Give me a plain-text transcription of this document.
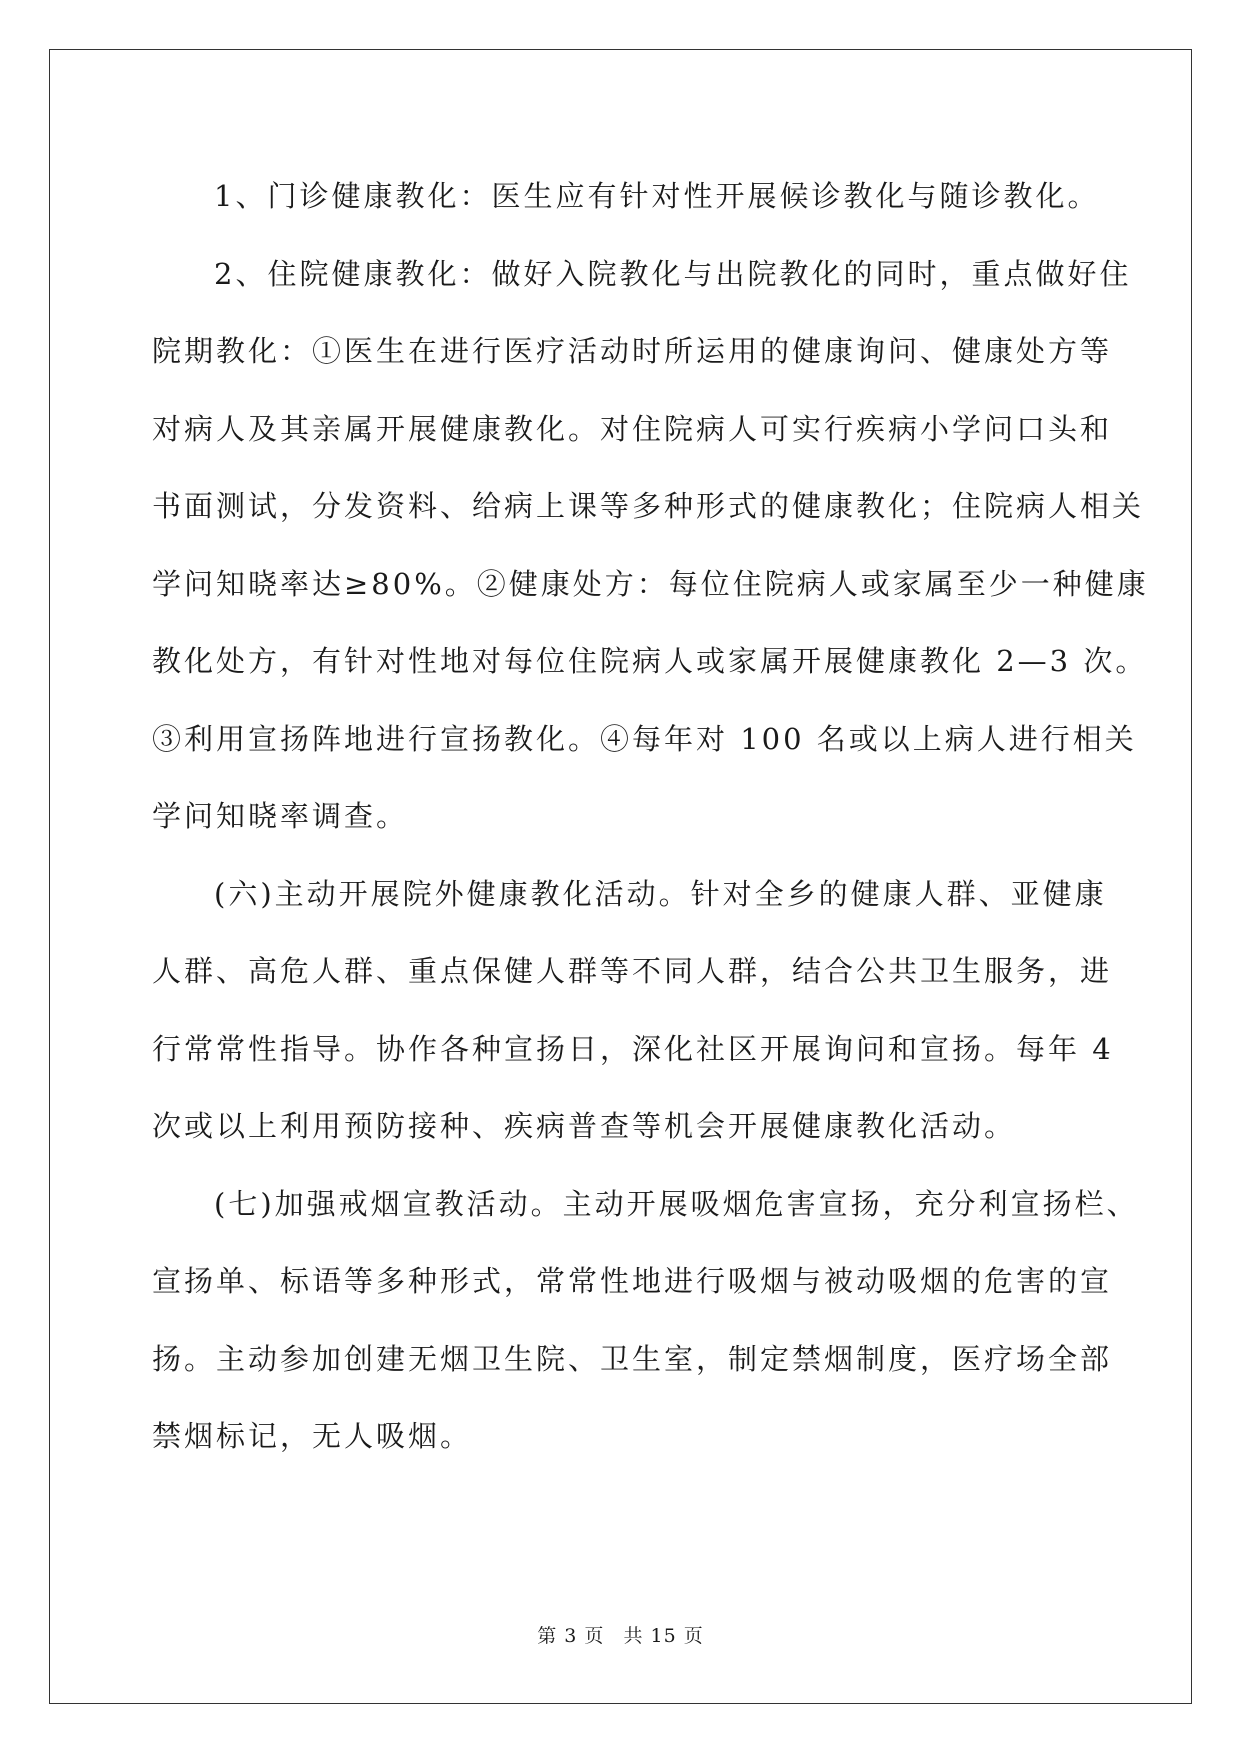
1、门诊健康教化：医生应有针对性开展候诊教化与随诊教化。
2、住院健康教化：做好入院教化与出院教化的同时，重点做好住
院期教化：①医生在进行医疗活动时所运用的健康询问、健康处方等
对病人及其亲属开展健康教化。对住院病人可实行疾病小学问口头和
书面测试，分发资料、给病上课等多种形式的健康教化；住院病人相关
学问知晓率达≥80%。②健康处方：每位住院病人或家属至少一种健康
教化处方，有针对性地对每位住院病人或家属开展健康教化 2—3 次。
③利用宣扬阵地进行宣扬教化。④每年对 100 名或以上病人进行相关
学问知晓率调查。
(六)主动开展院外健康教化活动。针对全乡的健康人群、亚健康
人群、高危人群、重点保健人群等不同人群，结合公共卫生服务，进
行常常性指导。协作各种宣扬日，深化社区开展询问和宣扬。每年 4
次或以上利用预防接种、疾病普查等机会开展健康教化活动。
(七)加强戒烟宣教活动。主动开展吸烟危害宣扬，充分利宣扬栏、
宣扬单、标语等多种形式，常常性地进行吸烟与被动吸烟的危害的宣
扬。主动参加创建无烟卫生院、卫生室，制定禁烟制度，医疗场全部
禁烟标记，无人吸烟。
第 3 页 共 15 页
